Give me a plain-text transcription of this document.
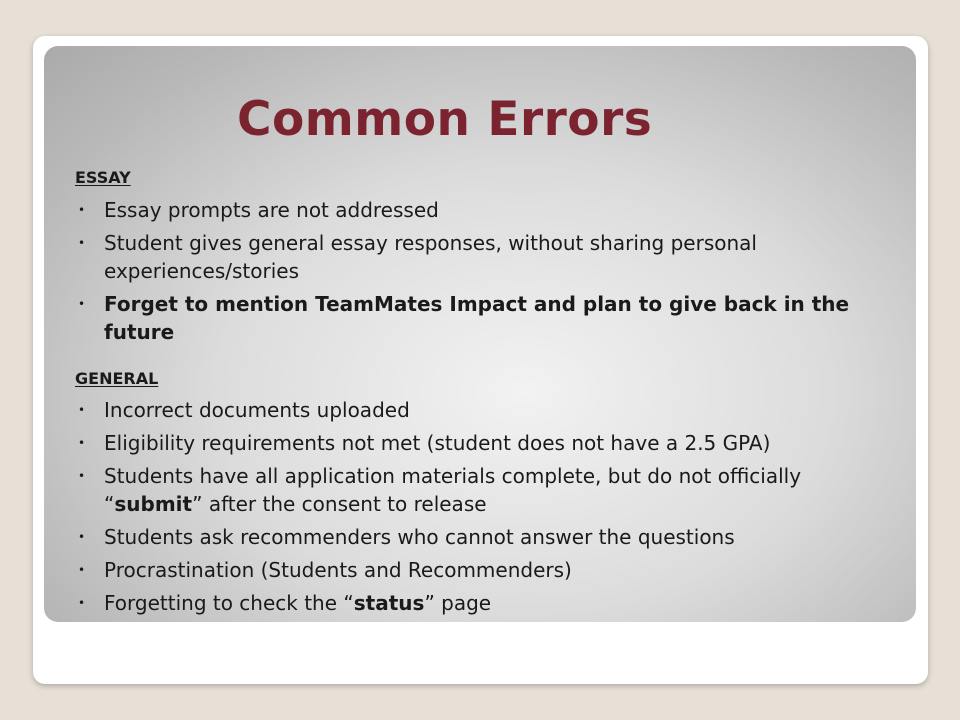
Common Errors

ESSAY

• Essay prompts are not addressed
• Student gives general essay responses, without sharing personal experiences/stories
• Forget to mention TeamMates Impact and plan to give back in the future

GENERAL

• Incorrect documents uploaded
• Eligibility requirements not met (student does not have a 2.5 GPA)
• Students have all application materials complete, but do not officially “submit” after the consent to release
• Students ask recommenders who cannot answer the questions
• Procrastination (Students and Recommenders)
• Forgetting to check the “status” page
